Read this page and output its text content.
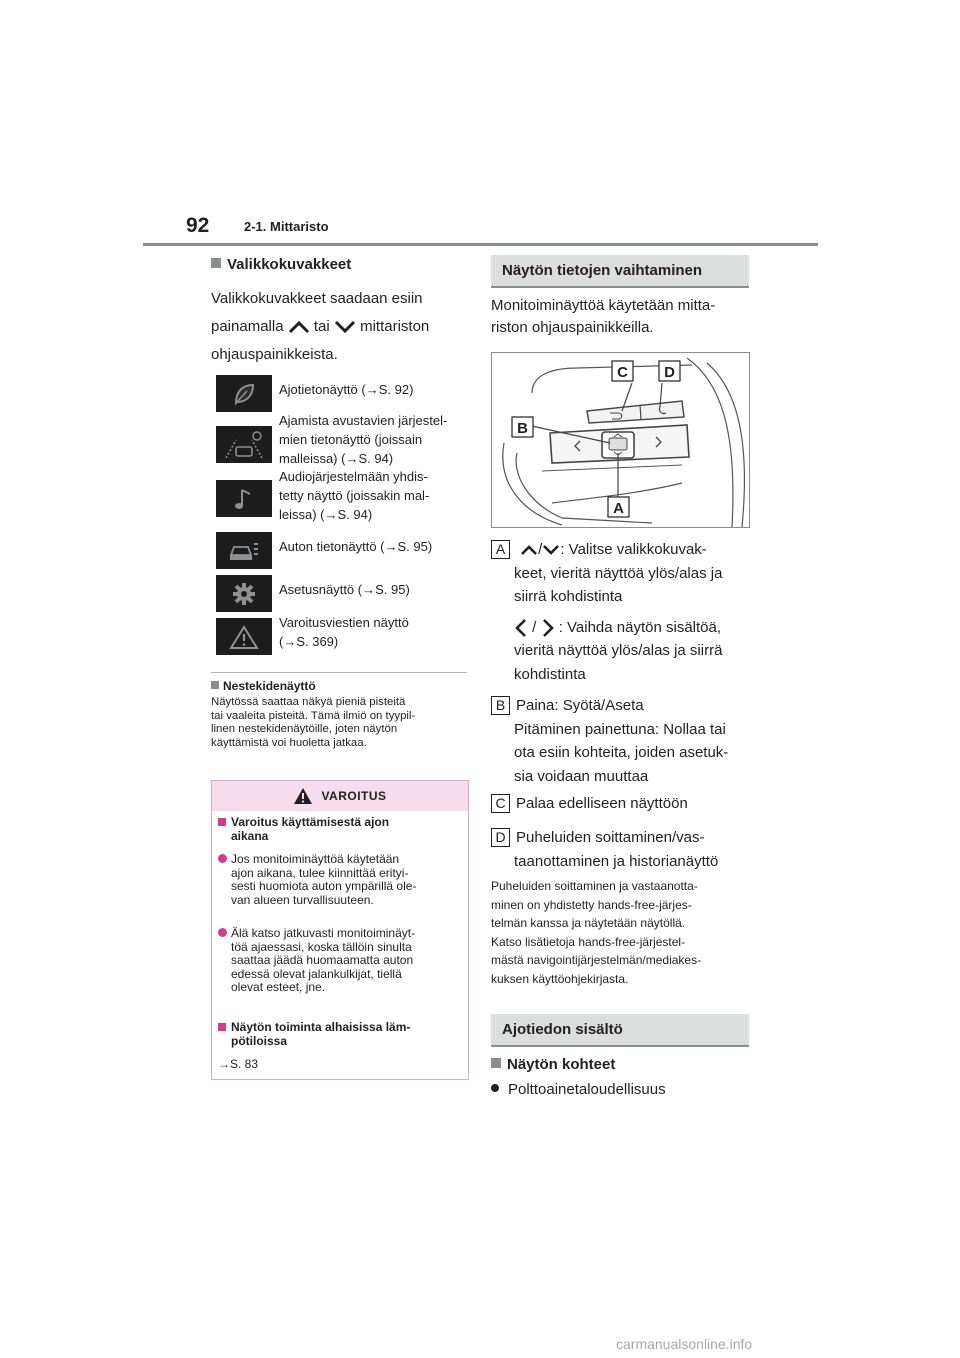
92	2-1. Mittaristo
Valikkokuvakkeet
Valikkokuvakkeet saadaan esiin
painamalla tai mittariston
ohjauspainikkeista.
Ajotietonäyttö (→S. 92)
Ajamista avustavien järjestel-
mien tietonäyttö (joissain
malleissa) (→S. 94)
Audiojärjestelmään yhdis-
tetty näyttö (joissakin mal-
leissa) (→S. 94)
Auton tietonäyttö (→S. 95)
Asetusnäyttö (→S. 95)
Varoitusviestien näyttö
(→S. 369)
Nestekidenäyttö
Näytössä saattaa näkyä pieniä pisteitä
tai vaaleita pisteitä. Tämä ilmiö on tyypil-
linen nestekidenäytöille, joten näytön
käyttämistä voi huoletta jatkaa.
VAROITUS
Varoitus käyttämisestä ajon
aikana
Jos monitoiminäyttöä käytetään
ajon aikana, tulee kiinnittää erityi-
sesti huomiota auton ympärillä ole-
van alueen turvallisuuteen.
Älä katso jatkuvasti monitoiminäyt-
töä ajaessasi, koska tällöin sinulta
saattaa jäädä huomaamatta auton
edessä olevat jalankulkijat, tiellä
olevat esteet, jne.
Näytön toiminta alhaisissa läm-
pötiloissa
→S. 83
Näytön tietojen vaihtaminen
Monitoiminäyttöä käytetään mitta-
riston ohjauspainikkeilla.
C D
B
A
A / : Valitse valikkokuvak-
keet, vieritä näyttöä ylös/alas ja
siirrä kohdistinta
/ : Vaihda näytön sisältöä,
vieritä näyttöä ylös/alas ja siirrä
kohdistinta
B Paina: Syötä/Aseta
Pitäminen painettuna: Nollaa tai
ota esiin kohteita, joiden asetuk-
sia voidaan muuttaa
C Palaa edelliseen näyttöön
D Puheluiden soittaminen/vas-
taanottaminen ja historianäyttö
Puheluiden soittaminen ja vastaanotta-
minen on yhdistetty hands-free-järjes-
telmän kanssa ja näytetään näytöllä.
Katso lisätietoja hands-free-järjestel-
mästä navigointijärjestelmän/mediakes-
kuksen käyttöohjekirjasta.
Ajotiedon sisältö
Näytön kohteet
Polttoainetaloudellisuus
carmanualsonline.info
